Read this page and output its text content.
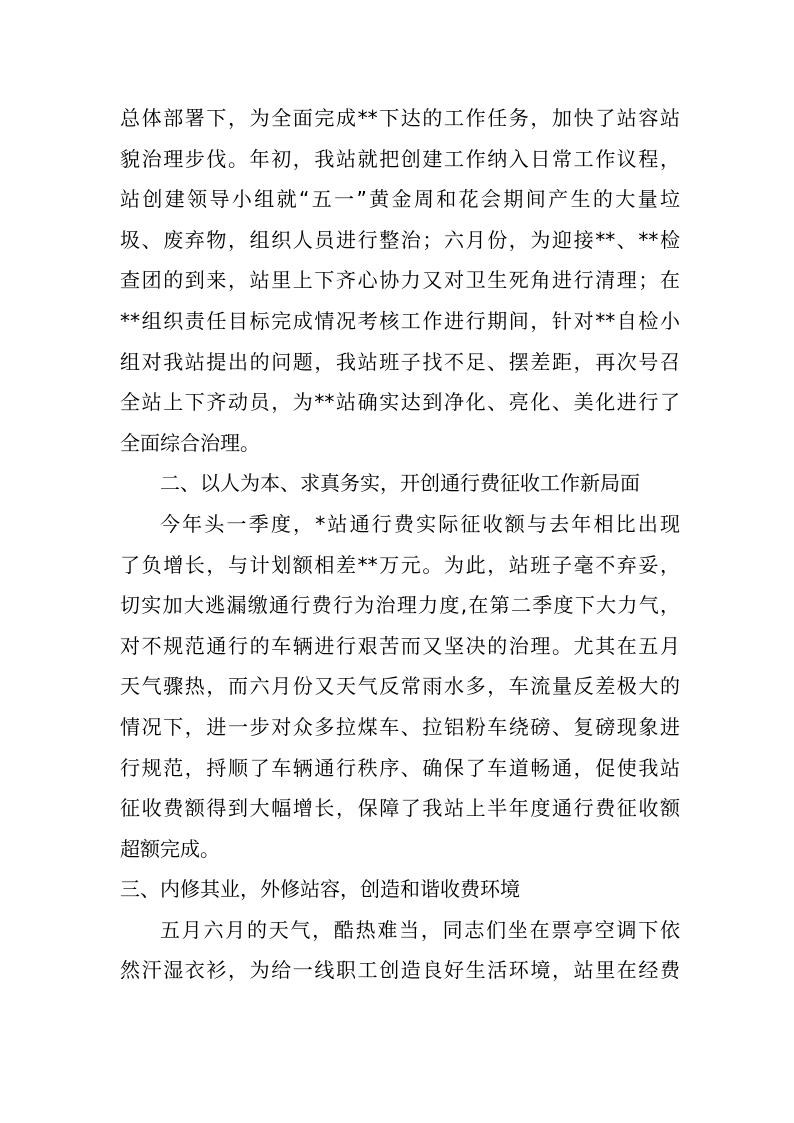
总体部署下，为全面完成**下达的工作任务，加快了站容站
貌治理步伐。年初，我站就把创建工作纳入日常工作议程，
站创建领导小组就“五一”黄金周和花会期间产生的大量垃
圾、废弃物，组织人员进行整治；六月份，为迎接**、**检
查团的到来，站里上下齐心协力又对卫生死角进行清理；在
**组织责任目标完成情况考核工作进行期间，针对**自检小
组对我站提出的问题，我站班子找不足、摆差距，再次号召
全站上下齐动员，为**站确实达到净化、亮化、美化进行了
全面综合治理。
二、以人为本、求真务实，开创通行费征收工作新局面
今年头一季度，*站通行费实际征收额与去年相比出现
了负增长，与计划额相差**万元。为此，站班子毫不弃妥，
切实加大逃漏缴通行费行为治理力度,在第二季度下大力气，
对不规范通行的车辆进行艰苦而又坚决的治理。尤其在五月
天气骤热，而六月份又天气反常雨水多，车流量反差极大的
情况下，进一步对众多拉煤车、拉铝粉车绕磅、复磅现象进
行规范，捋顺了车辆通行秩序、确保了车道畅通，促使我站
征收费额得到大幅增长，保障了我站上半年度通行费征收额
超额完成。
三、内修其业，外修站容，创造和谐收费环境
五月六月的天气，酷热难当，同志们坐在票亭空调下依
然汗湿衣衫，为给一线职工创造良好生活环境，站里在经费
